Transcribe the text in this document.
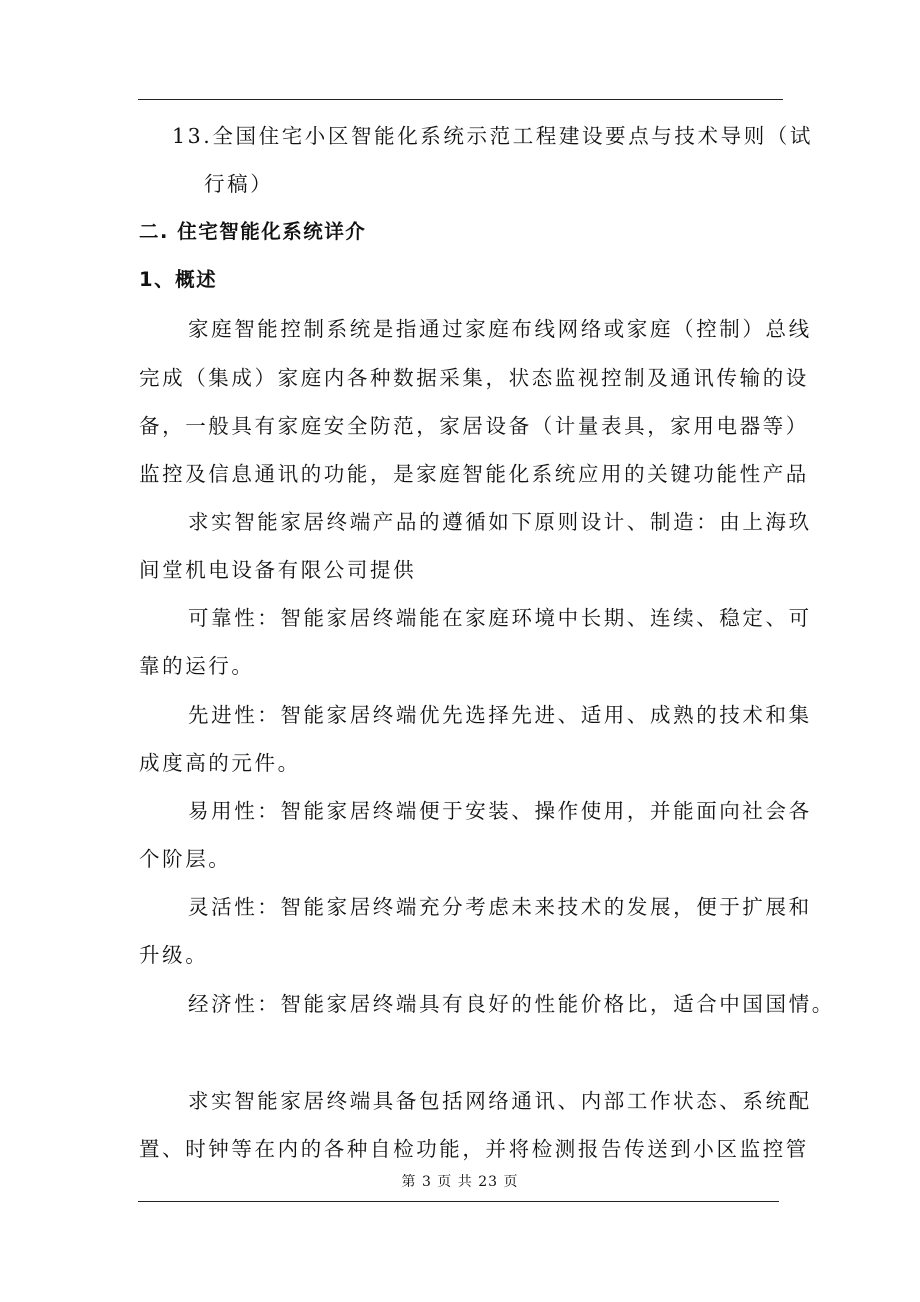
13.全国住宅小区智能化系统示范工程建设要点与技术导则（试
行稿）
二. 住宅智能化系统详介
1、概述
家庭智能控制系统是指通过家庭布线网络或家庭（控制）总线
完成（集成）家庭内各种数据采集，状态监视控制及通讯传输的设
备，一般具有家庭安全防范，家居设备（计量表具，家用电器等）
监控及信息通讯的功能，是家庭智能化系统应用的关键功能性产品
求实智能家居终端产品的遵循如下原则设计、制造：由上海玖
间堂机电设备有限公司提供
可靠性：智能家居终端能在家庭环境中长期、连续、稳定、可
靠的运行。
先进性：智能家居终端优先选择先进、适用、成熟的技术和集
成度高的元件。
易用性：智能家居终端便于安装、操作使用，并能面向社会各
个阶层。
灵活性：智能家居终端充分考虑未来技术的发展，便于扩展和
升级。
经济性：智能家居终端具有良好的性能价格比，适合中国国情。
求实智能家居终端具备包括网络通讯、内部工作状态、系统配
置、时钟等在内的各种自检功能，并将检测报告传送到小区监控管
第 3 页 共 23 页
